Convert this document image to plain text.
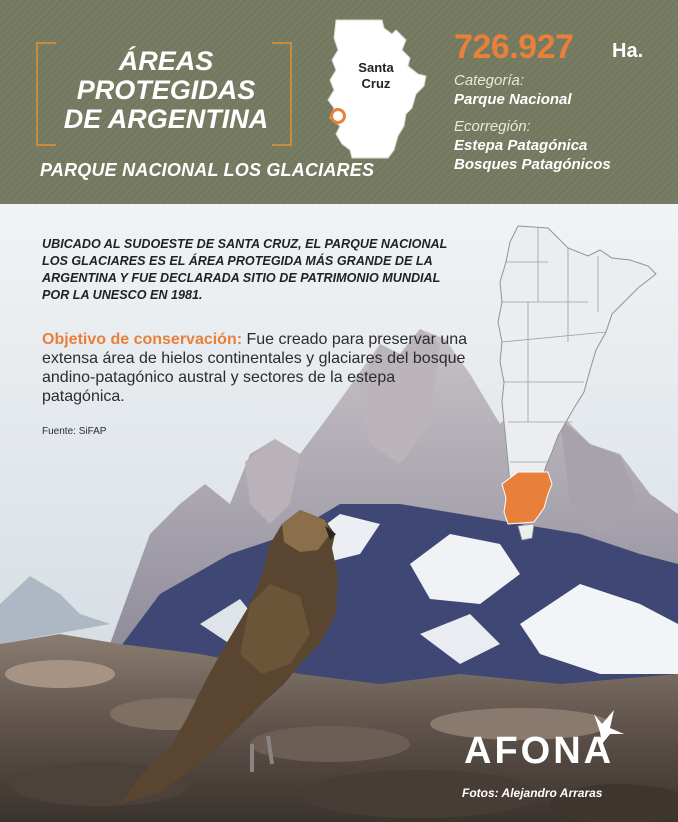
ÁREAS
PROTEGIDAS
DE ARGENTINA

PARQUE NACIONAL LOS GLACIARES

Santa
Cruz

726.927 Ha.

Categoría:

Parque Nacional

Ecorregión:

Estepa Patagónica

Bosques Patagónicos

UBICADO AL SUDOESTE DE SANTA CRUZ, EL PARQUE NACIONAL LOS GLACIARES ES EL ÁREA PROTEGIDA MÁS GRANDE DE LA ARGENTINA Y FUE DECLARADA SITIO DE PATRIMONIO MUNDIAL POR LA UNESCO EN 1981.

Objetivo de conservación: Fue creado para preservar una extensa área de hielos continentales y glaciares del bosque andino-patagónico austral y sectores de la estepa patagónica.

Fuente: SiFAP

AFONA

Fotos: Alejandro Arraras
